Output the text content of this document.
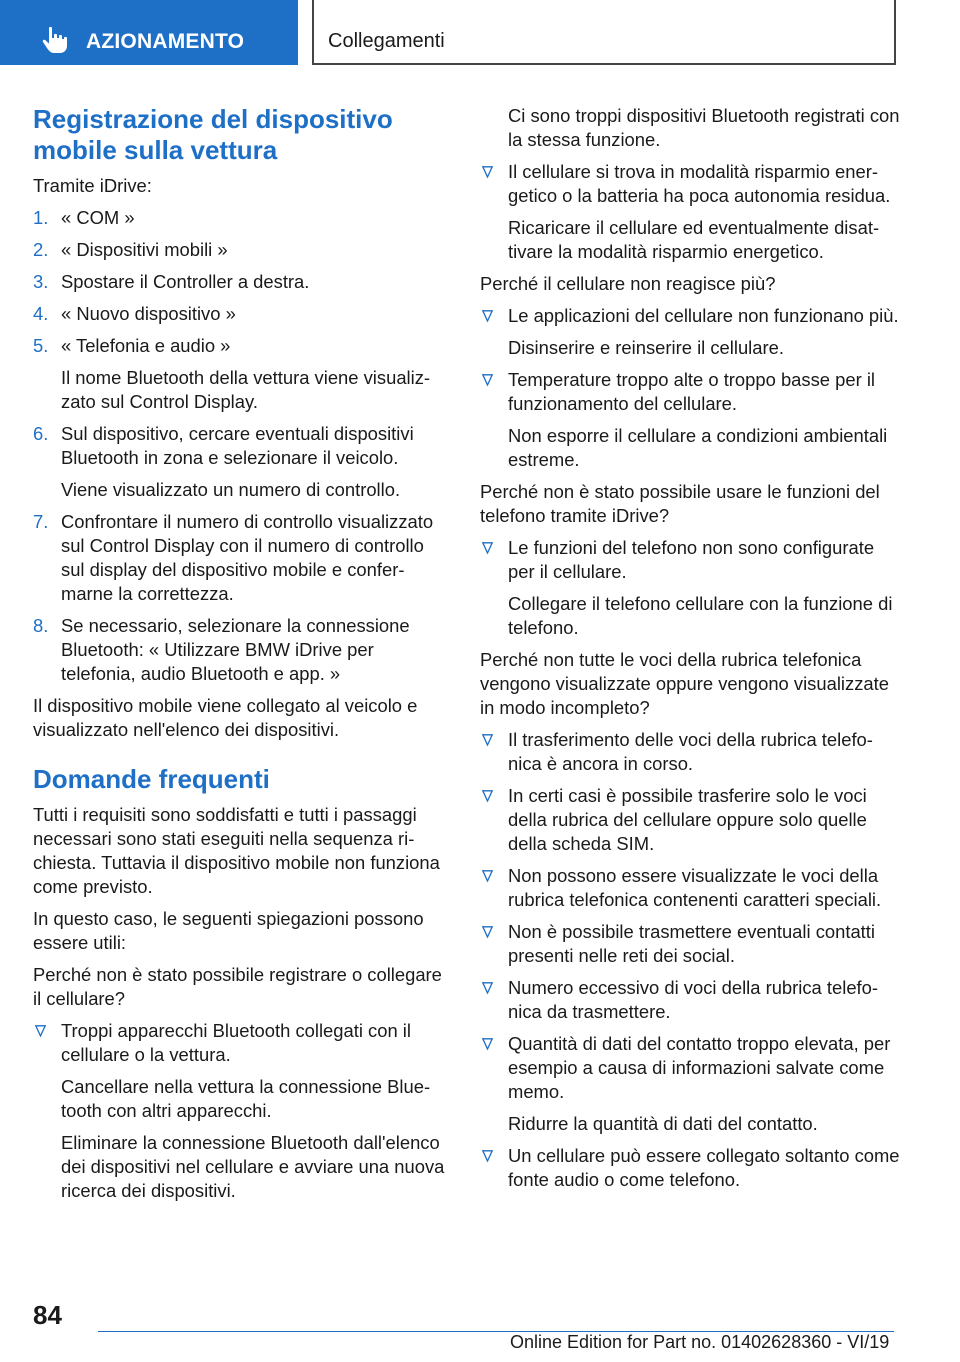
AZIONAMENTO	Collegamenti
Registrazione del dispositivo mobile sulla vettura

Tramite iDrive:

1. « COM »
2. « Dispositivi mobili »
3. Spostare il Controller a destra.
4. « Nuovo dispositivo »
5. « Telefonia e audio »

Il nome Bluetooth della vettura viene visualizzato sul Control Display.

6. Sul dispositivo, cercare eventuali dispositivi Bluetooth in zona e selezionare il veicolo.

Viene visualizzato un numero di controllo.

7. Confrontare il numero di controllo visualizzato sul Control Display con il numero di controllo sul display del dispositivo mobile e confermarne la correttezza.
8. Se necessario, selezionare la connessione Bluetooth: « Utilizzare BMW iDrive per telefonia, audio Bluetooth e app. »

Il dispositivo mobile viene collegato al veicolo e visualizzato nell'elenco dei dispositivi.

Domande frequenti

Tutti i requisiti sono soddisfatti e tutti i passaggi necessari sono stati eseguiti nella sequenza richiesta. Tuttavia il dispositivo mobile non funziona come previsto.

In questo caso, le seguenti spiegazioni possono essere utili:

Perché non è stato possibile registrare o collegare il cellulare?

Troppi apparecchi Bluetooth collegati con il cellulare o la vettura.

Cancellare nella vettura la connessione Bluetooth con altri apparecchi.

Eliminare la connessione Bluetooth dall'elenco dei dispositivi nel cellulare e avviare una nuova ricerca dei dispositivi.

Ci sono troppi dispositivi Bluetooth registrati con la stessa funzione.

Il cellulare si trova in modalità risparmio energetico o la batteria ha poca autonomia residua.

Ricaricare il cellulare ed eventualmente disattivare la modalità risparmio energetico.

Perché il cellulare non reagisce più?

Le applicazioni del cellulare non funzionano più.

Disinserire e reinserire il cellulare.

Temperature troppo alte o troppo basse per il funzionamento del cellulare.

Non esporre il cellulare a condizioni ambientali estreme.

Perché non è stato possibile usare le funzioni del telefono tramite iDrive?

Le funzioni del telefono non sono configurate per il cellulare.

Collegare il telefono cellulare con la funzione di telefono.

Perché non tutte le voci della rubrica telefonica vengono visualizzate oppure vengono visualizzate in modo incompleto?

Il trasferimento delle voci della rubrica telefonica è ancora in corso.
In certi casi è possibile trasferire solo le voci della rubrica del cellulare oppure solo quelle della scheda SIM.
Non possono essere visualizzate le voci della rubrica telefonica contenenti caratteri speciali.
Non è possibile trasmettere eventuali contatti presenti nelle reti dei social.
Numero eccessivo di voci della rubrica telefonica da trasmettere.
Quantità di dati del contatto troppo elevata, per esempio a causa di informazioni salvate come memo.

Ridurre la quantità di dati del contatto.

Un cellulare può essere collegato soltanto come fonte audio o come telefono.
84
Online Edition for Part no. 01402628360 - VI/19
